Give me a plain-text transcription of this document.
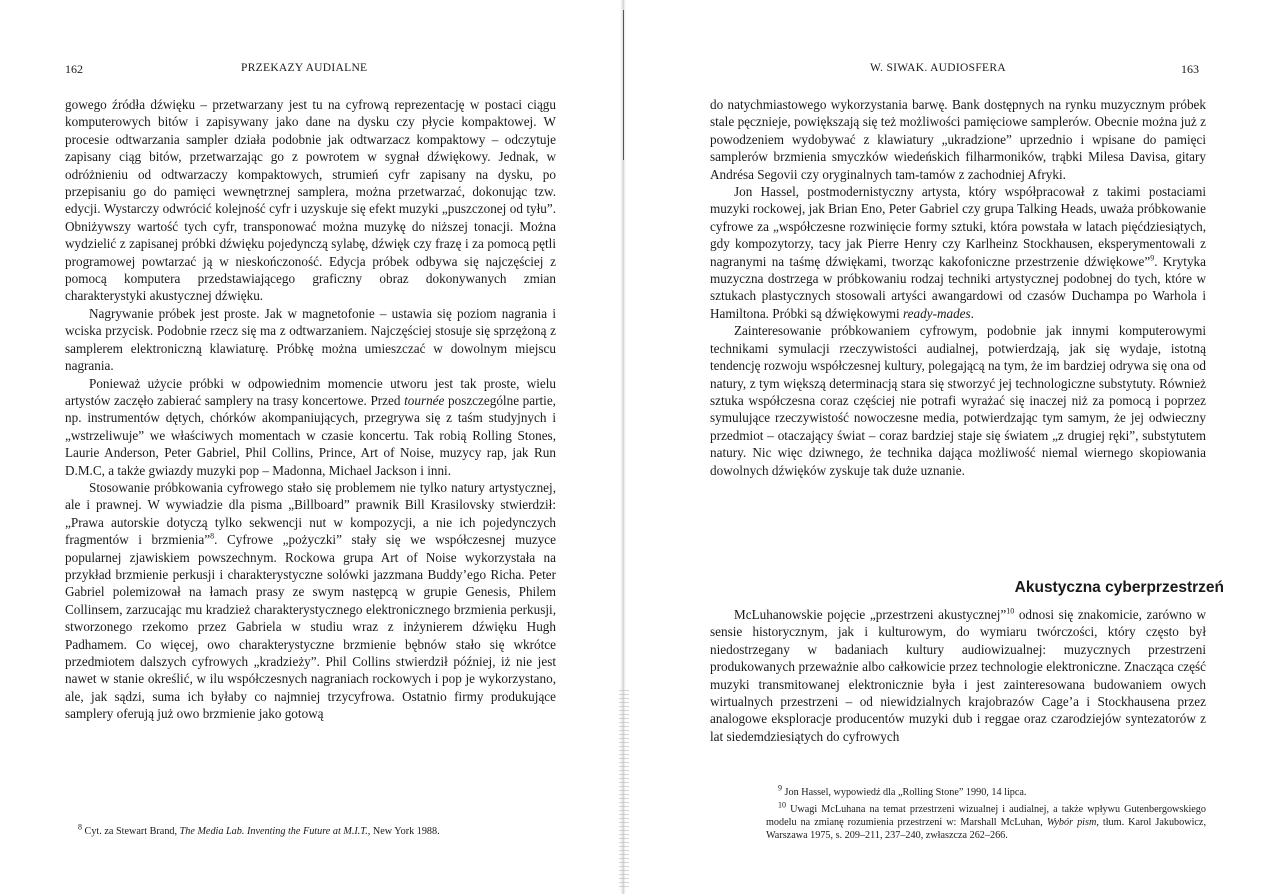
162	PRZEKAZY AUDIALNE

gowego źródła dźwięku – przetwarzany jest tu na cyfrową reprezentację w postaci ciągu komputerowych bitów i zapisywany jako dane na dysku czy płycie kompaktowej. W procesie odtwarzania sampler działa podobnie jak odtwarzacz kompaktowy – odczytuje zapisany ciąg bitów, przetwarzając go z powrotem w sygnał dźwiękowy. Jednak, w odróżnieniu od odtwarzaczy kompaktowych, strumień cyfr zapisany na dysku, po przepisaniu go do pamięci wewnętrznej samplera, można przetwarzać, dokonując tzw. edycji. Wystarczy odwrócić kolejność cyfr i uzyskuje się efekt muzyki „puszczonej od tyłu”. Obniżywszy wartość tych cyfr, transponować można muzykę do niższej tonacji. Można wydzielić z zapisanej próbki dźwięku pojedynczą sylabę, dźwięk czy frazę i za pomocą pętli programowej powtarzać ją w nieskończoność. Edycja próbek odbywa się najczęściej z pomocą komputera przedstawiającego graficzny obraz dokonywanych zmian charakterystyki akustycznej dźwięku.

Nagrywanie próbek jest proste. Jak w magnetofonie – ustawia się poziom nagrania i wciska przycisk. Podobnie rzecz się ma z odtwarzaniem. Najczęściej stosuje się sprzężoną z samplerem elektroniczną klawiaturę. Próbkę można umieszczać w dowolnym miejscu nagrania.

Ponieważ użycie próbki w odpowiednim momencie utworu jest tak proste, wielu artystów zaczęło zabierać samplery na trasy koncertowe. Przed tournée poszczególne partie, np. instrumentów dętych, chórków akompaniujących, przegrywa się z taśm studyjnych i „wstrzeliwuje” we właściwych momentach w czasie koncertu. Tak robią Rolling Stones, Laurie Anderson, Peter Gabriel, Phil Collins, Prince, Art of Noise, muzycy rap, jak Run D.M.C, a także gwiazdy muzyki pop – Madonna, Michael Jackson i inni.

Stosowanie próbkowania cyfrowego stało się problemem nie tylko natury artystycznej, ale i prawnej. W wywiadzie dla pisma „Billboard” prawnik Bill Krasilovsky stwierdził: „Prawa autorskie dotyczą tylko sekwencji nut w kompozycji, a nie ich pojedynczych fragmentów i brzmienia”$^8$. Cyfrowe „pożyczki” stały się we współczesnej muzyce popularnej zjawiskiem powszechnym. Rockowa grupa Art of Noise wykorzystała na przykład brzmienie perkusji i charakterystyczne solówki jazzmana Buddy’ego Richa. Peter Gabriel polemizował na łamach prasy ze swym następcą w grupie Genesis, Philem Collinsem, zarzucając mu kradzież charakterystycznego elektronicznego brzmienia perkusji, stworzonego rzekomo przez Gabriela w studiu wraz z inżynierem dźwięku Hugh Padhamem. Co więcej, owo charakterystyczne brzmienie bębnów stało się wkrótce przedmiotem dalszych cyfrowych „kradzieży”. Phil Collins stwierdził później, iż nie jest nawet w stanie określić, w ilu współczesnych nagraniach rockowych i pop je wykorzystano, ale, jak sądzi, suma ich byłaby co najmniej trzycyfrowa. Ostatnio firmy produkujące samplery oferują już owo brzmienie jako gotową

$^8$ Cyt. za Stewart Brand, The Media Lab. Inventing the Future at M.I.T., New York 1988.

W. SIWAK. AUDIOSFERA	163

do natychmiastowego wykorzystania barwę. Bank dostępnych na rynku muzycznym próbek stale pęcznieje, powiększają się też możliwości pamięciowe samplerów. Obecnie można już z powodzeniem wydobywać z klawiatury „ukradzione” uprzednio i wpisane do pamięci samplerów brzmienia smyczków wiedeńskich filharmoników, trąbki Milesa Davisa, gitary Andrésa Segovii czy oryginalnych tam-tamów z zachodniej Afryki.

Jon Hassel, postmodernistyczny artysta, który współpracował z takimi postaciami muzyki rockowej, jak Brian Eno, Peter Gabriel czy grupa Talking Heads, uważa próbkowanie cyfrowe za „współczesne rozwinięcie formy sztuki, która powstała w latach pięćdziesiątych, gdy kompozytorzy, tacy jak Pierre Henry czy Karlheinz Stockhausen, eksperymentowali z nagranymi na taśmę dźwiękami, tworząc kakofoniczne przestrzenie dźwiękowe”$^9$. Krytyka muzyczna dostrzega w próbkowaniu rodzaj techniki artystycznej podobnej do tych, które w sztukach plastycznych stosowali artyści awangardowi od czasów Duchampa po Warhola i Hamiltona. Próbki są dźwiękowymi ready-mades.

Zainteresowanie próbkowaniem cyfrowym, podobnie jak innymi komputerowymi technikami symulacji rzeczywistości audialnej, potwierdzają, jak się wydaje, istotną tendencję rozwoju współczesnej kultury, polegającą na tym, że im bardziej odrywa się ona od natury, z tym większą determinacją stara się stworzyć jej technologiczne substytuty. Również sztuka współczesna coraz częściej nie potrafi wyrażać się inaczej niż za pomocą i poprzez symulujące rzeczywistość nowoczesne media, potwierdzając tym samym, że jej odwieczny przedmiot – otaczający świat – coraz bardziej staje się światem „z drugiej ręki”, substytutem natury. Nic więc dziwnego, że technika dająca możliwość niemal wiernego skopiowania dowolnych dźwięków zyskuje tak duże uznanie.

Akustyczna cyberprzestrzeń

McLuhanowskie pojęcie „przestrzeni akustycznej”$^{10}$ odnosi się znakomicie, zarówno w sensie historycznym, jak i kulturowym, do wymiaru twórczości, który często był niedostrzegany w badaniach kultury audiowizualnej: muzycznych przestrzeni produkowanych przeważnie albo całkowicie przez technologie elektroniczne. Znacząca część muzyki transmitowanej elektronicznie była i jest zainteresowana budowaniem owych wirtualnych przestrzeni – od niewidzialnych krajobrazów Cage’a i Stockhausena przez analogowe eksploracje producentów muzyki dub i reggae oraz czarodziejów syntezatorów z lat siedemdziesiątych do cyfrowych

$^9$ Jon Hassel, wypowiedź dla „Rolling Stone” 1990, 14 lipca.

$^{10}$ Uwagi McLuhana na temat przestrzeni wizualnej i audialnej, a także wpływu Gutenbergowskiego modelu na zmianę rozumienia przestrzeni w: Marshall McLuhan, Wybór pism, tłum. Karol Jakubowicz, Warszawa 1975, s. 209–211, 237–240, zwłaszcza 262–266.
